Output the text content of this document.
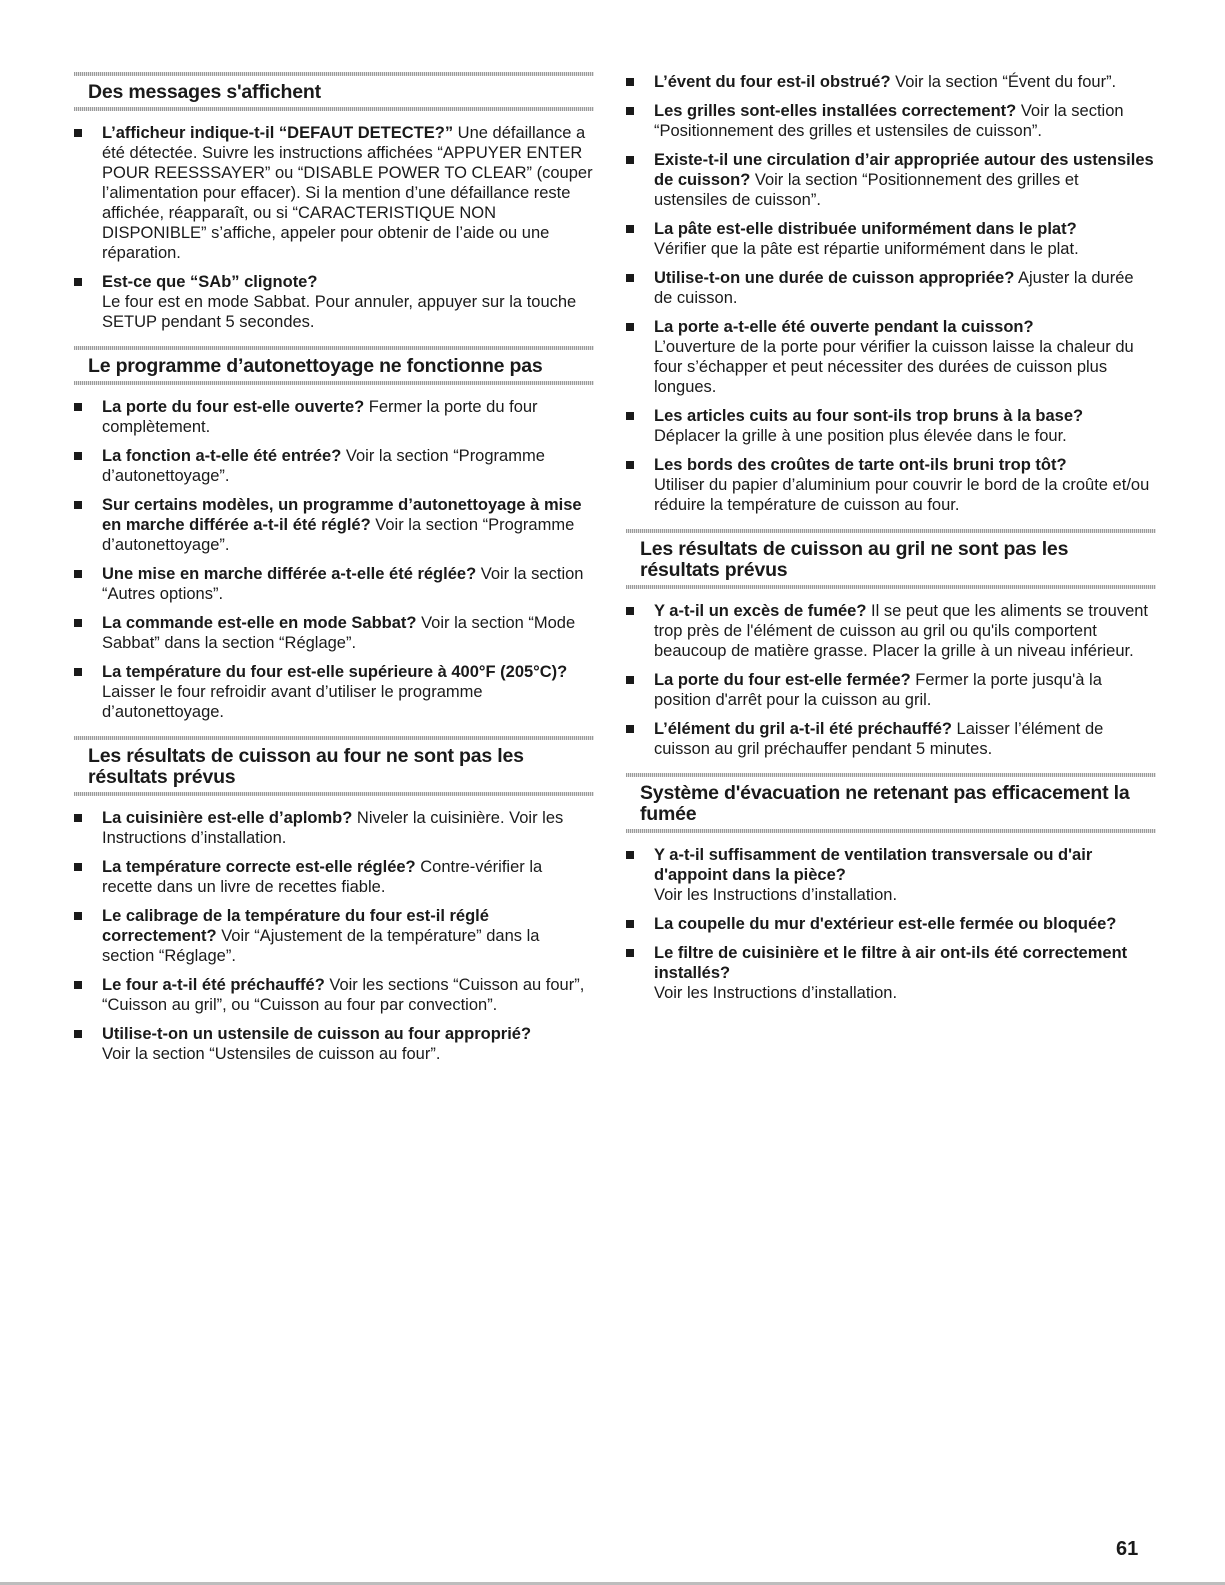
Des messages s'affichent
L’afficheur indique-t-il “DEFAUT DETECTE?” Une défaillance a été détectée. Suivre les instructions affichées “APPUYER ENTER POUR REESSSAYER” ou “DISABLE POWER TO CLEAR” (couper l’alimentation pour effacer). Si la mention d’une défaillance reste affichée, réapparaît, ou si “CARACTERISTIQUE NON DISPONIBLE” s’affiche, appeler pour obtenir de l’aide ou une réparation.
Est-ce que “SAb” clignote?
Le four est en mode Sabbat. Pour annuler, appuyer sur la touche SETUP pendant 5 secondes.
Le programme d’autonettoyage ne fonctionne pas
La porte du four est-elle ouverte? Fermer la porte du four complètement.
La fonction a-t-elle été entrée? Voir la section “Programme d’autonettoyage”.
Sur certains modèles, un programme d’autonettoyage à mise en marche différée a-t-il été réglé? Voir la section “Programme d’autonettoyage”.
Une mise en marche différée a-t-elle été réglée? Voir la section “Autres options”.
La commande est-elle en mode Sabbat? Voir la section “Mode Sabbat” dans la section “Réglage”.
La température du four est-elle supérieure à 400°F (205°C)?
Laisser le four refroidir avant d’utiliser le programme d’autonettoyage.
Les résultats de cuisson au four ne sont pas les résultats prévus
La cuisinière est-elle d’aplomb? Niveler la cuisinière. Voir les Instructions d’installation.
La température correcte est-elle réglée? Contre-vérifier la recette dans un livre de recettes fiable.
Le calibrage de la température du four est-il réglé correctement? Voir “Ajustement de la température” dans la section “Réglage”.
Le four a-t-il été préchauffé? Voir les sections “Cuisson au four”, “Cuisson au gril”, ou “Cuisson au four par convection”.
Utilise-t-on un ustensile de cuisson au four approprié?
Voir la section “Ustensiles de cuisson au four”.
L’évent du four est-il obstrué? Voir la section “Évent du four”.
Les grilles sont-elles installées correctement? Voir la section “Positionnement des grilles et ustensiles de cuisson”.
Existe-t-il une circulation d’air appropriée autour des ustensiles de cuisson? Voir la section “Positionnement des grilles et ustensiles de cuisson”.
La pâte est-elle distribuée uniformément dans le plat?
Vérifier que la pâte est répartie uniformément dans le plat.
Utilise-t-on une durée de cuisson appropriée? Ajuster la durée de cuisson.
La porte a-t-elle été ouverte pendant la cuisson?
L’ouverture de la porte pour vérifier la cuisson laisse la chaleur du four s’échapper et peut nécessiter des durées de cuisson plus longues.
Les articles cuits au four sont-ils trop bruns à la base?
Déplacer la grille à une position plus élevée dans le four.
Les bords des croûtes de tarte ont-ils bruni trop tôt?
Utiliser du papier d’aluminium pour couvrir le bord de la croûte et/ou réduire la température de cuisson au four.
Les résultats de cuisson au gril ne sont pas les résultats prévus
Y a-t-il un excès de fumée? Il se peut que les aliments se trouvent trop près de l'élément de cuisson au gril ou qu'ils comportent beaucoup de matière grasse. Placer la grille à un niveau inférieur.
La porte du four est-elle fermée? Fermer la porte jusqu'à la position d'arrêt pour la cuisson au gril.
L’élément du gril a-t-il été préchauffé? Laisser l’élément de cuisson au gril préchauffer pendant 5 minutes.
Système d'évacuation ne retenant pas efficacement la fumée
Y a-t-il suffisamment de ventilation transversale ou d'air d'appoint dans la pièce?
Voir les Instructions d’installation.
La coupelle du mur d'extérieur est-elle fermée ou bloquée?
Le filtre de cuisinière et le filtre à air ont-ils été correctement installés?
Voir les Instructions d’installation.
61
